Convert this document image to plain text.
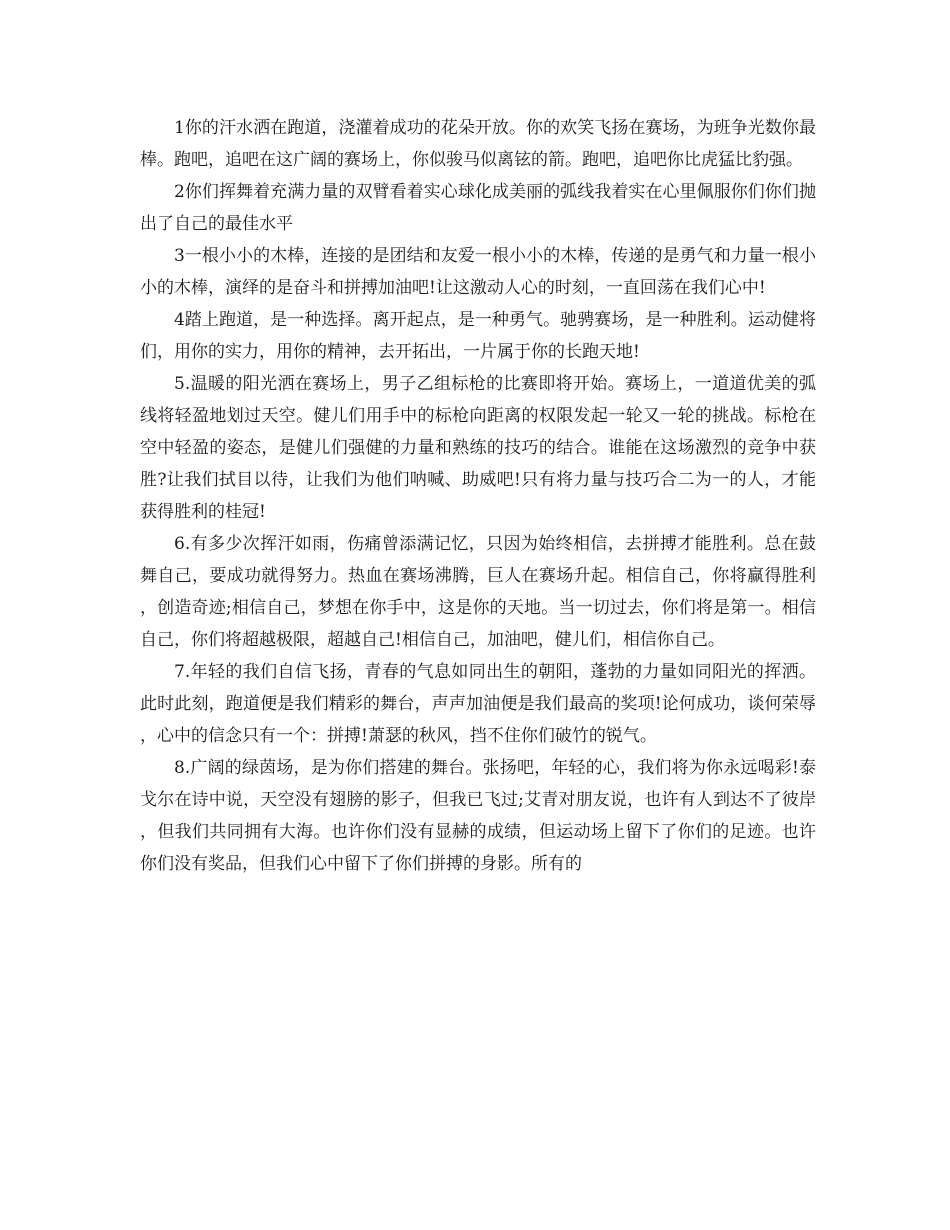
1你的汗水洒在跑道，浇灌着成功的花朵开放。你的欢笑飞扬在赛场，为班争光数你最棒。跑吧，追吧在这广阔的赛场上，你似骏马似离铉的箭。跑吧，追吧你比虎猛比豹强。

2你们挥舞着充满力量的双臂看着实心球化成美丽的弧线我着实在心里佩服你们你们抛出了自己的最佳水平

3一根小小的木棒，连接的是团结和友爱一根小小的木棒，传递的是勇气和力量一根小小的木棒，演绎的是奋斗和拼搏加油吧!让这激动人心的时刻，一直回荡在我们心中!

4踏上跑道，是一种选择。离开起点，是一种勇气。驰骋赛场，是一种胜利。运动健将们，用你的实力，用你的精神，去开拓出，一片属于你的长跑天地!

5.温暖的阳光洒在赛场上，男子乙组标枪的比赛即将开始。赛场上，一道道优美的弧线将轻盈地划过天空。健儿们用手中的标枪向距离的权限发起一轮又一轮的挑战。标枪在空中轻盈的姿态，是健儿们强健的力量和熟练的技巧的结合。谁能在这场激烈的竞争中获胜?让我们拭目以待，让我们为他们呐喊、助威吧!只有将力量与技巧合二为一的人，才能获得胜利的桂冠!

6.有多少次挥汗如雨，伤痛曾添满记忆，只因为始终相信，去拼搏才能胜利。总在鼓舞自己，要成功就得努力。热血在赛场沸腾，巨人在赛场升起。相信自己，你将赢得胜利，创造奇迹;相信自己，梦想在你手中，这是你的天地。当一切过去，你们将是第一。相信自己，你们将超越极限，超越自己!相信自己，加油吧，健儿们，相信你自己。

7.年轻的我们自信飞扬，青春的气息如同出生的朝阳，蓬勃的力量如同阳光的挥洒。此时此刻，跑道便是我们精彩的舞台，声声加油便是我们最高的奖项!论何成功，谈何荣辱，心中的信念只有一个：拼搏!萧瑟的秋风，挡不住你们破竹的锐气。

8.广阔的绿茵场，是为你们搭建的舞台。张扬吧，年轻的心，我们将为你永远喝彩!泰戈尔在诗中说，天空没有翅膀的影子，但我已飞过;艾青对朋友说，也许有人到达不了彼岸，但我们共同拥有大海。也许你们没有显赫的成绩，但运动场上留下了你们的足迹。也许你们没有奖品，但我们心中留下了你们拼搏的身影。所有的
